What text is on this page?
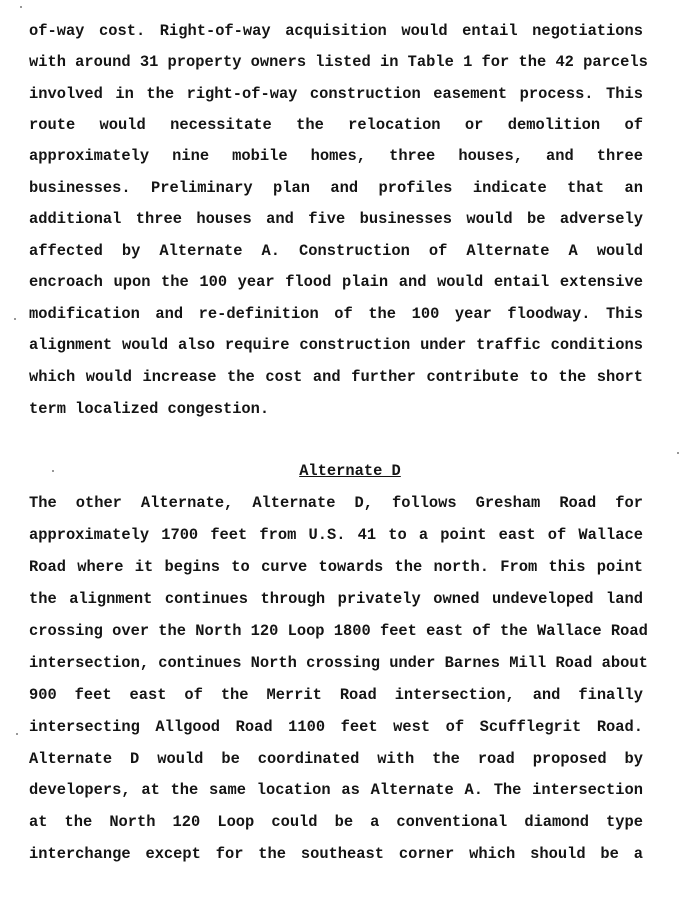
of-way cost. Right-of-way acquisition would entail negotiations
with around 31 property owners listed in Table 1 for the 42 parcels
involved in the right-of-way construction easement process. This
route would necessitate the relocation or demolition of
approximately nine mobile homes, three houses, and three
businesses. Preliminary plan and profiles indicate that an
additional three houses and five businesses would be adversely
affected by Alternate A. Construction of Alternate A would
encroach upon the 100 year flood plain and would entail extensive
modification and re-definition of the 100 year floodway. This
alignment would also require construction under traffic conditions
which would increase the cost and further contribute to the short
term localized congestion.
Alternate D
The other Alternate, Alternate D, follows Gresham Road for
approximately 1700 feet from U.S. 41 to a point east of Wallace
Road where it begins to curve towards the north. From this point
the alignment continues through privately owned undeveloped land
crossing over the North 120 Loop 1800 feet east of the Wallace Road
intersection, continues North crossing under Barnes Mill Road about
900 feet east of the Merrit Road intersection, and finally
intersecting Allgood Road 1100 feet west of Scufflegrit Road.
Alternate D would be coordinated with the road proposed by
developers, at the same location as Alternate A. The intersection
at the North 120 Loop could be a conventional diamond type
interchange except for the southeast corner which should be a
